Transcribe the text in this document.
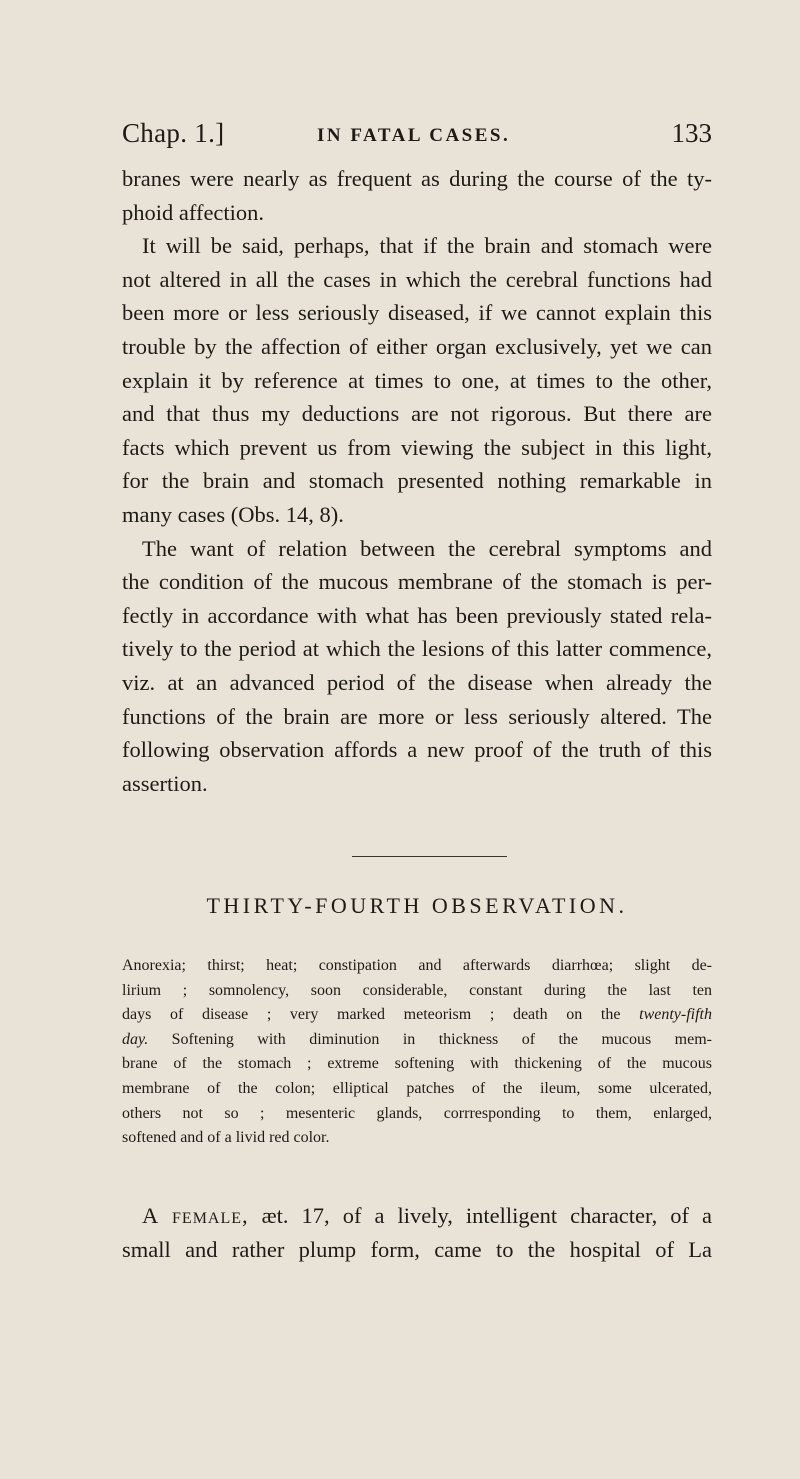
Chap. 1.]	IN FATAL CASES.	133
branes were nearly as frequent as during the course of the ty-
phoid affection.
It will be said, perhaps, that if the brain and stomach were
not altered in all the cases in which the cerebral functions had
been more or less seriously diseased, if we cannot explain this
trouble by the affection of either organ exclusively, yet we can
explain it by reference at times to one, at times to the other,
and that thus my deductions are not rigorous. But there are
facts which prevent us from viewing the subject in this light,
for the brain and stomach presented nothing remarkable in
many cases (Obs. 14, 8).
The want of relation between the cerebral symptoms and
the condition of the mucous membrane of the stomach is per-
fectly in accordance with what has been previously stated rela-
tively to the period at which the lesions of this latter commence,
viz. at an advanced period of the disease when already the
functions of the brain are more or less seriously altered. The
following observation affords a new proof of the truth of this
assertion.
THIRTY-FOURTH OBSERVATION.
Anorexia; thirst; heat; constipation and afterwards diarrhœa; slight de-
lirium ; somnolency, soon considerable, constant during the last ten
days of disease ; very marked meteorism ; death on the twenty-fifth
day. Softening with diminution in thickness of the mucous mem-
brane of the stomach ; extreme softening with thickening of the mucous
membrane of the colon; elliptical patches of the ileum, some ulcerated,
others not so ; mesenteric glands, corrresponding to them, enlarged,
softened and of a livid red color.
A female, æt. 17, of a lively, intelligent character, of a
small and rather plump form, came to the hospital of La
